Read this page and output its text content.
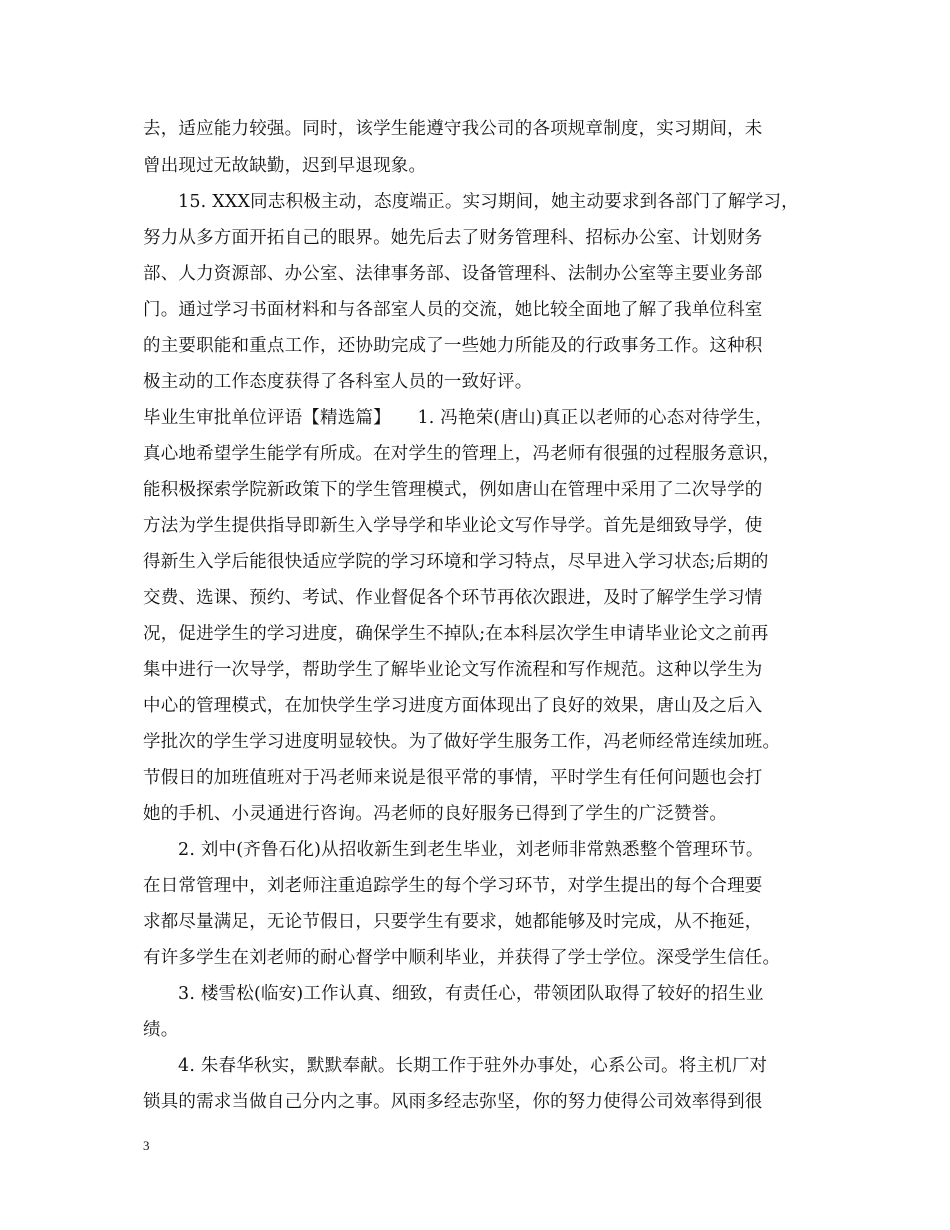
去，适应能力较强。同时，该学生能遵守我公司的各项规章制度，实习期间，未
曾出现过无故缺勤，迟到早退现象。
15. XXX同志积极主动，态度端正。实习期间，她主动要求到各部门了解学习，
努力从多方面开拓自己的眼界。她先后去了财务管理科、招标办公室、计划财务
部、人力资源部、办公室、法律事务部、设备管理科、法制办公室等主要业务部
门。通过学习书面材料和与各部室人员的交流，她比较全面地了解了我单位科室
的主要职能和重点工作，还协助完成了一些她力所能及的行政事务工作。这种积
极主动的工作态度获得了各科室人员的一致好评。
毕业生审批单位评语【精选篇】　　1. 冯艳荣(唐山)真正以老师的心态对待学生，
真心地希望学生能学有所成。在对学生的管理上，冯老师有很强的过程服务意识，
能积极探索学院新政策下的学生管理模式，例如唐山在管理中采用了二次导学的
方法为学生提供指导即新生入学导学和毕业论文写作导学。首先是细致导学，使
得新生入学后能很快适应学院的学习环境和学习特点，尽早进入学习状态;后期的
交费、选课、预约、考试、作业督促各个环节再依次跟进，及时了解学生学习情
况，促进学生的学习进度，确保学生不掉队;在本科层次学生申请毕业论文之前再
集中进行一次导学，帮助学生了解毕业论文写作流程和写作规范。这种以学生为
中心的管理模式，在加快学生学习进度方面体现出了良好的效果，唐山及之后入
学批次的学生学习进度明显较快。为了做好学生服务工作，冯老师经常连续加班。
节假日的加班值班对于冯老师来说是很平常的事情，平时学生有任何问题也会打
她的手机、小灵通进行咨询。冯老师的良好服务已得到了学生的广泛赞誉。
2. 刘中(齐鲁石化)从招收新生到老生毕业，刘老师非常熟悉整个管理环节。
在日常管理中，刘老师注重追踪学生的每个学习环节，对学生提出的每个合理要
求都尽量满足，无论节假日，只要学生有要求，她都能够及时完成，从不拖延，
有许多学生在刘老师的耐心督学中顺利毕业，并获得了学士学位。深受学生信任。
3. 楼雪松(临安)工作认真、细致，有责任心，带领团队取得了较好的招生业
绩。
4. 朱春华秋实，默默奉献。长期工作于驻外办事处，心系公司。将主机厂对
锁具的需求当做自己分内之事。风雨多经志弥坚，你的努力使得公司效率得到很
3
